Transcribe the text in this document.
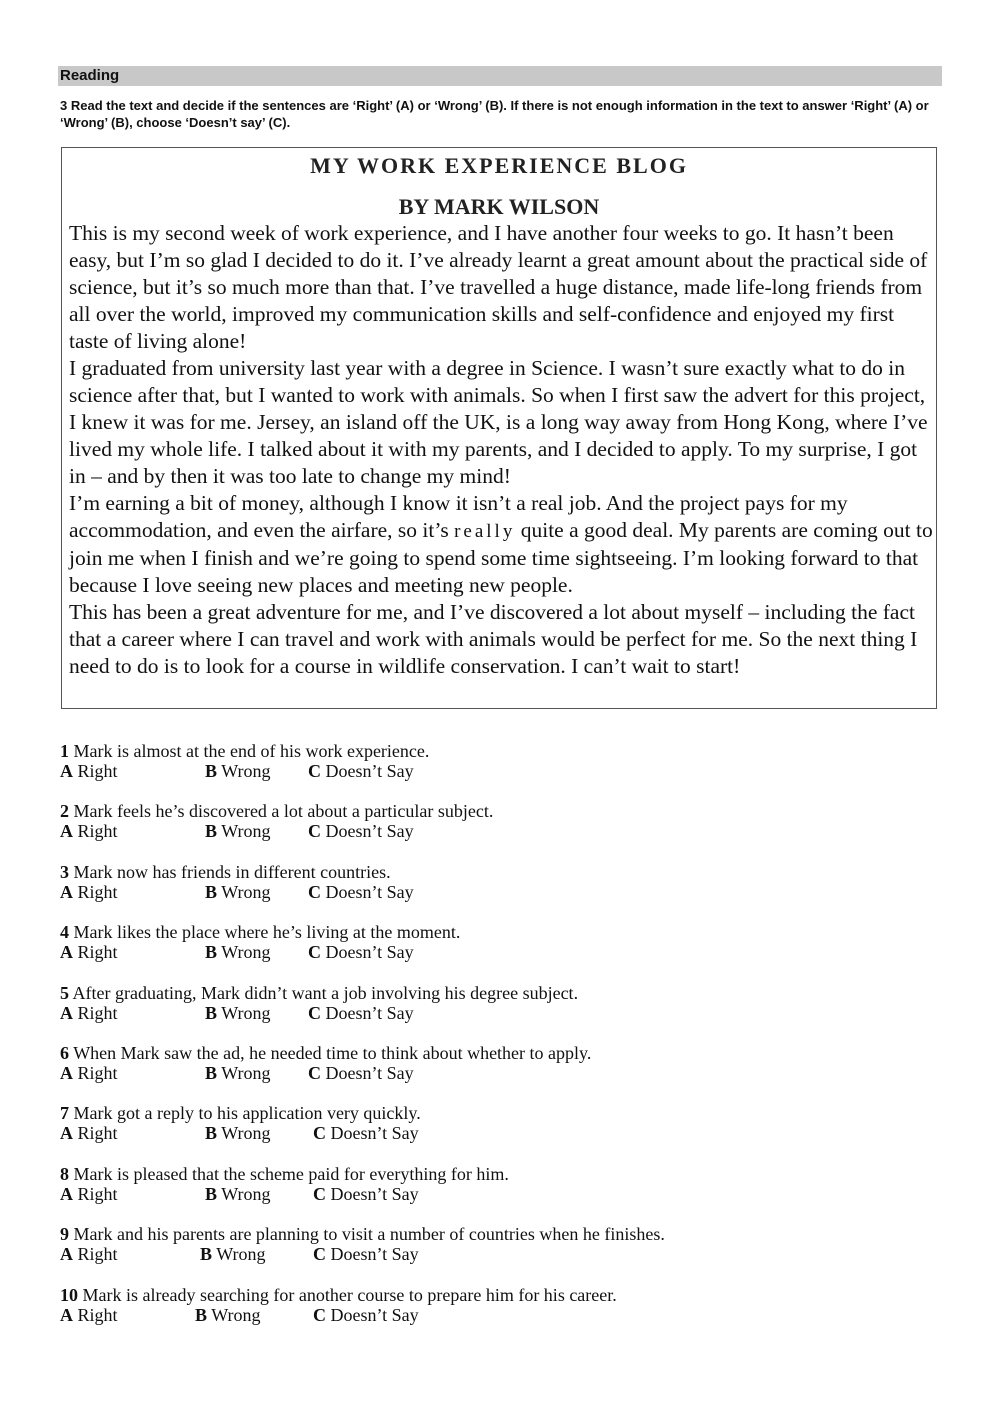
Reading
3 Read the text and decide if the sentences are ‘Right’ (A) or ‘Wrong’ (B). If there is not enough information in the text to answer ‘Right’ (A) or ‘Wrong’ (B), choose ‘Doesn’t say’ (C).
MY WORK EXPERIENCE BLOG
BY MARK WILSON

This is my second week of work experience, and I have another four weeks to go. It hasn’t been easy, but I’m so glad I decided to do it. I’ve already learnt a great amount about the practical side of science, but it’s so much more than that. I’ve travelled a huge distance, made life-long friends from all over the world, improved my communication skills and self-confidence and enjoyed my first taste of living alone!

I graduated from university last year with a degree in Science. I wasn’t sure exactly what to do in science after that, but I wanted to work with animals. So when I first saw the advert for this project, I knew it was for me. Jersey, an island off the UK, is a long way away from Hong Kong, where I’ve lived my whole life. I talked about it with my parents, and I decided to apply. To my surprise, I got in – and by then it was too late to change my mind!

I’m earning a bit of money, although I know it isn’t a real job. And the project pays for my accommodation, and even the airfare, so it’s really quite a good deal. My parents are coming out to join me when I finish and we’re going to spend some time sightseeing. I’m looking forward to that because I love seeing new places and meeting new people.

This has been a great adventure for me, and I’ve discovered a lot about myself – including the fact that a career where I can travel and work with animals would be perfect for me. So the next thing I need to do is to look for a course in wildlife conservation. I can’t wait to start!

1 Mark is almost at the end of his work experience.
A Right	B Wrong C Doesn’t Say
2 Mark feels he’s discovered a lot about a particular subject.
A Right	B Wrong C Doesn’t Say
3 Mark now has friends in different countries.
A Right	B Wrong C Doesn’t Say
4 Mark likes the place where he’s living at the moment.
A Right	B Wrong C Doesn’t Say
5 After graduating, Mark didn’t want a job involving his degree subject.
A Right	B Wrong C Doesn’t Say
6 When Mark saw the ad, he needed time to think about whether to apply.
A Right	B Wrong C Doesn’t Say
7 Mark got a reply to his application very quickly.
A Right	B Wrong C Doesn’t Say
8 Mark is pleased that the scheme paid for everything for him.
A Right	B Wrong C Doesn’t Say
9 Mark and his parents are planning to visit a number of countries when he finishes.
A Right	B Wrong	C Doesn’t Say
10 Mark is already searching for another course to prepare him for his career.
A Right	B Wrong	C Doesn’t Say
